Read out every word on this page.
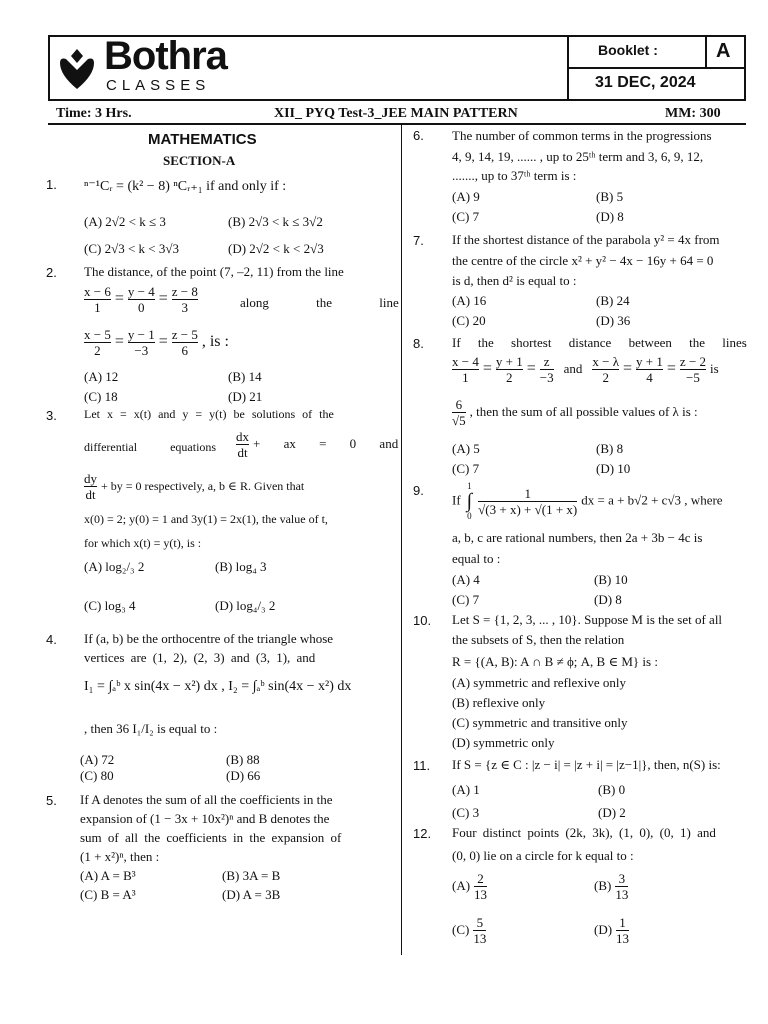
Bothra
CLASSES
Booklet :	A
31 DEC, 2024
Time: 3 Hrs.	XII_ PYQ Test-3_JEE MAIN PATTERN	MM: 300
MATHEMATICS
SECTION-A
1. ⁿ⁻¹Cᵣ = (k² − 8) ⁿCᵣ₊₁ if and only if :
(A) 2√2 < k ≤ 3	(B) 2√3 < k ≤ 3√2
(C) 2√3 < k < 3√3	(D) 2√2 < k < 2√3
2. The distance, of the point (7, –2, 11) from the line
$\frac{x - 6}{1} = \frac{y - 4}{0} = \frac{z - 8}{3}$	along the line
$\frac{x - 5}{2} = \frac{y - 1}{-3} = \frac{z - 5}{6}$ , is :
(A) 12	(B) 14
(C) 18	(D) 21
3. Let x = x(t) and y = y(t) be solutions of the
differential equations $\frac{dx}{dt}$ + ax = 0 and
$\frac{dy}{dt}$ + by = 0 respectively, a, b ∈ R. Given that
x(0) = 2; y(0) = 1 and 3y(1) = 2x(1), the value of t,
for which x(t) = y(t), is :
(A) log₂/₃ 2	(B) log₄ 3
(C) log₃ 4	(D) log₄/₃ 2
4. If (a, b) be the orthocentre of the triangle whose
vertices are (1, 2), (2, 3) and (3, 1), and
I₁ = ∫ₐᵇ x sin(4x − x²) dx , I₂ = ∫ₐᵇ sin(4x − x²) dx
, then 36 I₁/I₂ is equal to :
(A) 72	(B) 88
(C) 80	(D) 66
5. If A denotes the sum of all the coefficients in the
expansion of (1 − 3x + 10x²)ⁿ and B denotes the
sum of all the coefficients in the expansion of
(1 + x²)ⁿ, then :
(A) A = B³	(B) 3A = B
(C) B = A³	(D) A = 3B
6. The number of common terms in the progressions
4, 9, 14, 19, ...... , up to 25ᵗʰ term and 3, 6, 9, 12,
......., up to 37ᵗʰ term is :
(A) 9	(B) 5
(C) 7	(D) 8
7. If the shortest distance of the parabola y² = 4x from
the centre of the circle x² + y² − 4x − 16y + 64 = 0
is d, then d² is equal to :
(A) 16	(B) 24
(C) 20	(D) 36
8. If the shortest distance between the lines
$\frac{x - 4}{1} = \frac{y + 1}{2} = \frac{z}{-3}$ and $\frac{x - \lambda}{2} = \frac{y + 1}{4} = \frac{z - 2}{-5}$ is
$\frac{6}{√5}$ , then the sum of all possible values of λ is :
(A) 5	(B) 8
(C) 7	(D) 10
9.
If
1
∫
0
$\frac{1}{√(3 + x) + √(1 + x)}$ dx = a + b√2 + c√3 , where
a, b, c are rational numbers, then 2a + 3b − 4c is
equal to :
(A) 4	(B) 10
(C) 7	(D) 8
10. Let S = {1, 2, 3, ... , 10}. Suppose M is the set of all
the subsets of S, then the relation
R = {(A, B): A ∩ B ≠ ϕ; A, B ∈ M} is :
(A) symmetric and reflexive only
(B) reflexive only
(C) symmetric and transitive only
(D) symmetric only
11. If S = {z ∈ C : |z − i| = |z + i| = |z−1|}, then, n(S) is:
(A) 1	(B) 0
(C) 3	(D) 2
12. Four distinct points (2k, 3k), (1, 0), (0, 1) and
(0, 0) lie on a circle for k equal to :
$(A) \frac{2}{13}$	$(B) \frac{3}{13}$
$(C) \frac{5}{13}$	$(D) \frac{1}{13}$
